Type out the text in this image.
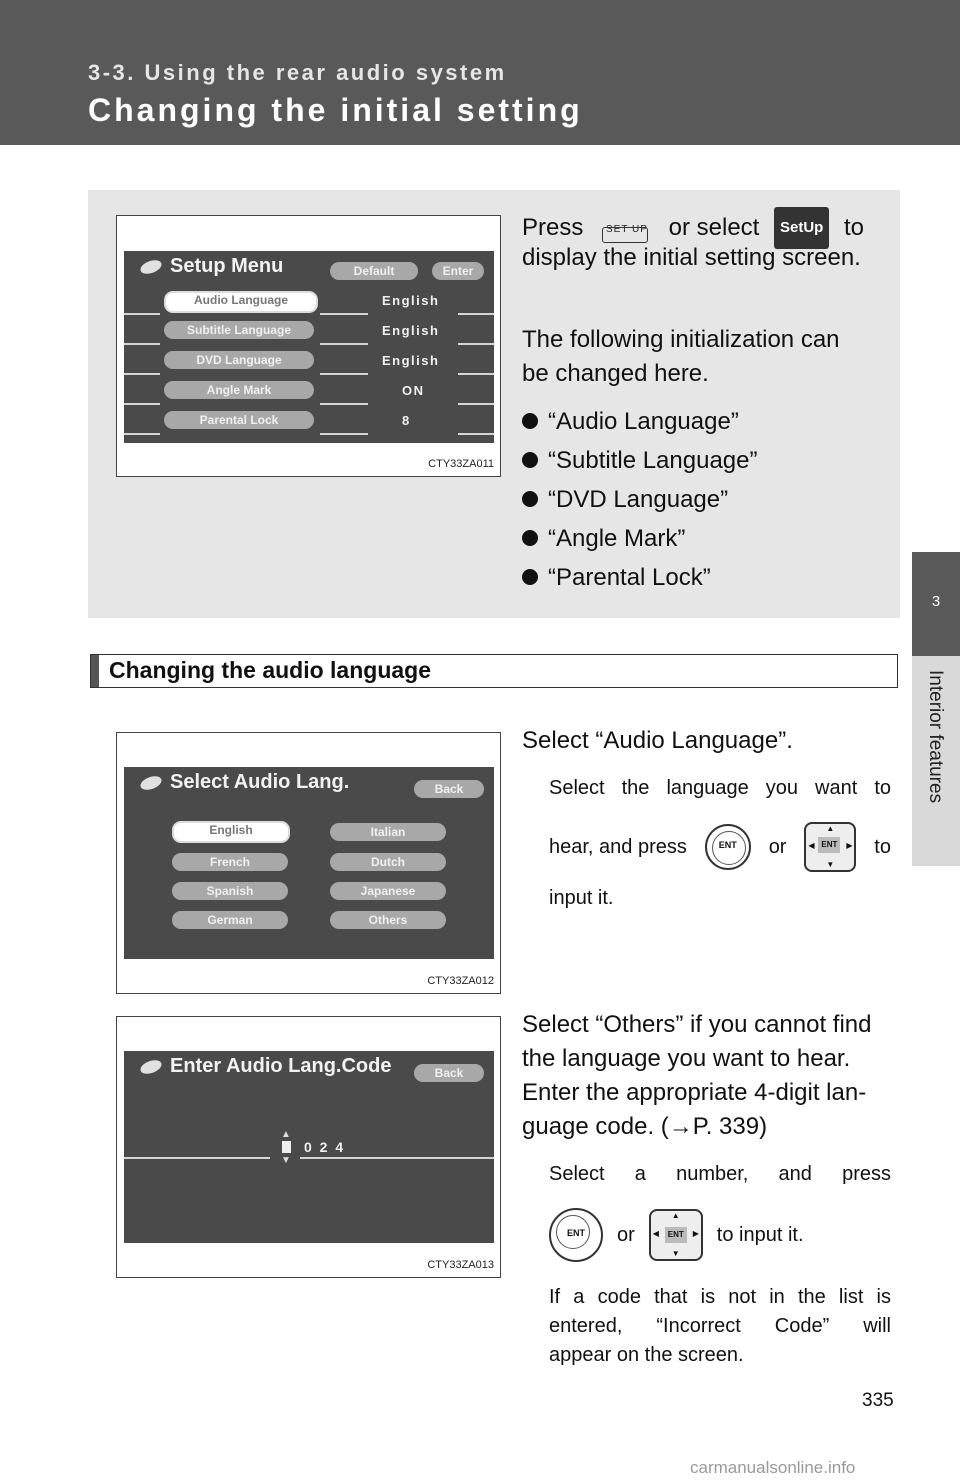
3-3. Using the rear audio system
Changing the initial setting
3
Interior features
Setup Menu	Default	Enter
Audio Language	English
Subtitle Language	English
DVD Language	English
Angle Mark	ON
Parental Lock	8
CTY33ZA011
Press SET UP or select	SetUp to
display the initial setting screen.
The following initialization can be changed here.
“Audio Language”
“Subtitle Language”
“DVD Language”
“Angle Mark”
“Parental Lock”
Changing the audio language
Select Audio Lang.	Back
English	Italian
French	Dutch
Spanish	Japanese
German	Others
CTY33ZA012
Select “Audio Language”.
Select the language you want to
hear, and press	ENT	or
▲
▼
◀	▶
ENT to
input it.
Enter Audio Lang.Code	Back
▲
▼
0 2 4
CTY33ZA013
Select “Others” if you cannot find
the language you want to hear.
Enter the appropriate 4-digit lan-
guage code. (→P. 339)
Select a number, and press
ENT	or
▲
▼
◀	▶
ENT to input it.
If a code that is not in the list is
entered, “Incorrect Code” will
appear on the screen.
335
carmanualsonline.info
